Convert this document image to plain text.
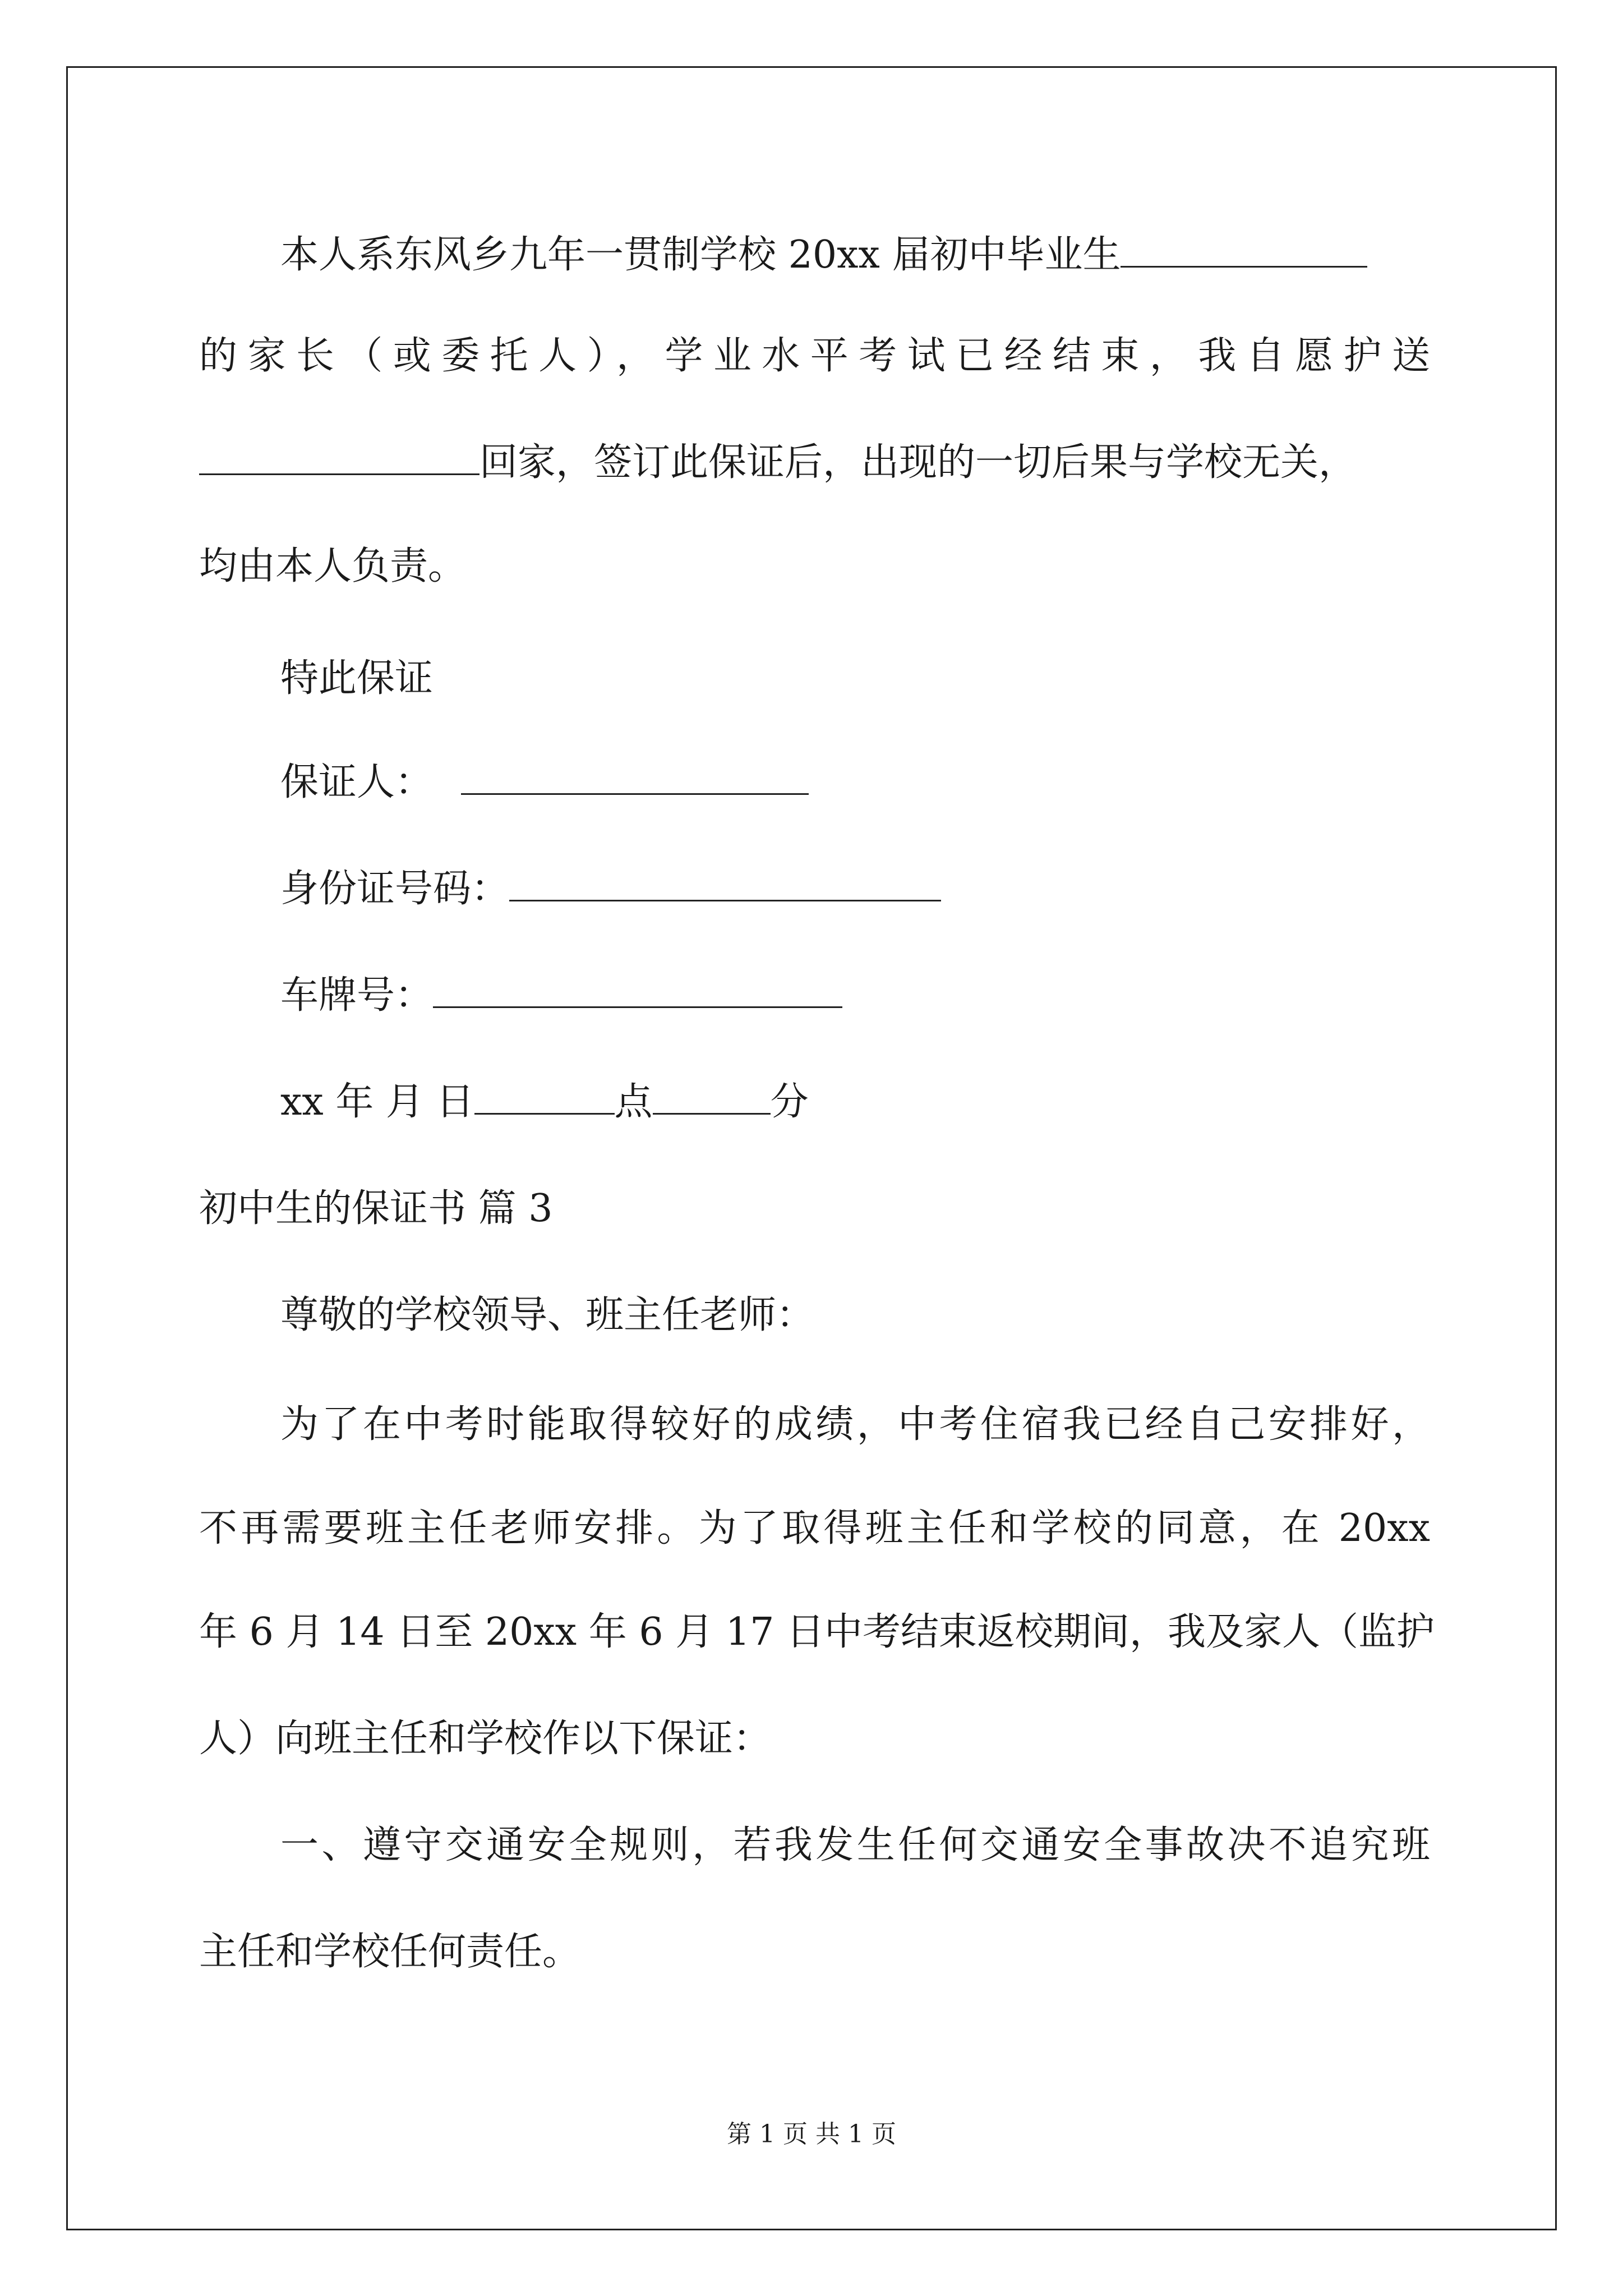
本人系东风乡九年一贯制学校 20xx 届初中毕业生
的家长（或委托人），学业水平考试已经结束，我自愿护送
回家，签订此保证后，出现的一切后果与学校无关，
均由本人负责。
特此保证
保证人：
身份证号码：
车牌号：
xx 年 月 日	点	分
初中生的保证书 篇 3
尊敬的学校领导、班主任老师：
为了在中考时能取得较好的成绩，中考住宿我已经自己安排好，
不再需要班主任老师安排。为了取得班主任和学校的同意，在 20xx
年 6 月 14 日至 20xx 年 6 月 17 日中考结束返校期间，我及家人（监护
人）向班主任和学校作以下保证：
一、遵守交通安全规则，若我发生任何交通安全事故决不追究班
主任和学校任何责任。
第 1 页 共 1 页
